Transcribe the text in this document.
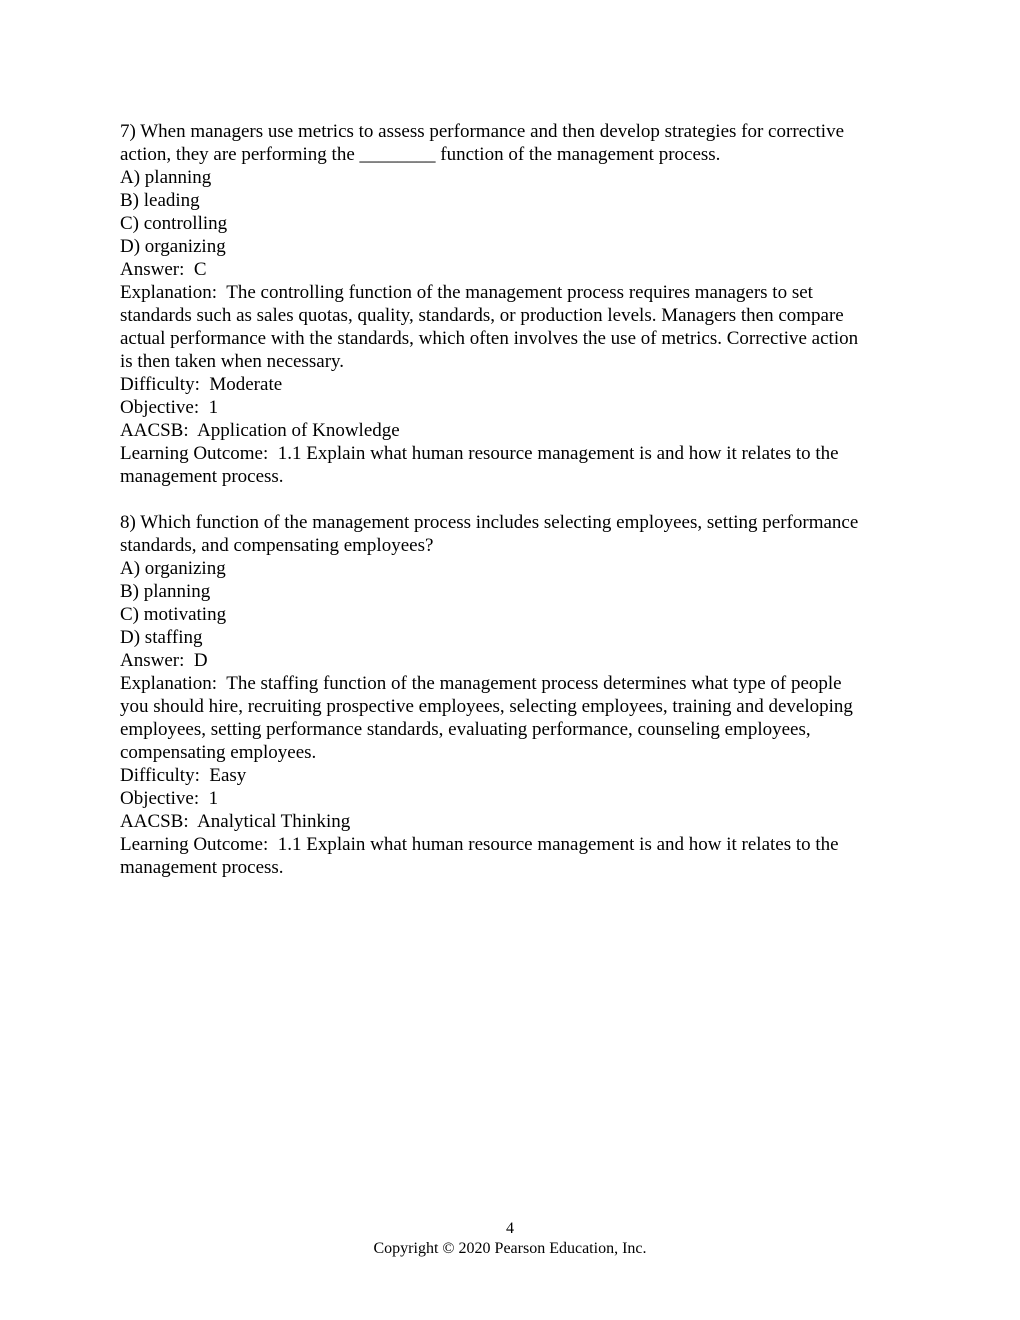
7) When managers use metrics to assess performance and then develop strategies for corrective
action, they are performing the ________ function of the management process.
A) planning
B) leading
C) controlling
D) organizing
Answer:  C
Explanation:  The controlling function of the management process requires managers to set
standards such as sales quotas, quality, standards, or production levels. Managers then compare
actual performance with the standards, which often involves the use of metrics. Corrective action
is then taken when necessary.
Difficulty:  Moderate
Objective:  1
AACSB:  Application of Knowledge
Learning Outcome:  1.1 Explain what human resource management is and how it relates to the
management process.
8) Which function of the management process includes selecting employees, setting performance
standards, and compensating employees?
A) organizing
B) planning
C) motivating
D) staffing
Answer:  D
Explanation:  The staffing function of the management process determines what type of people
you should hire, recruiting prospective employees, selecting employees, training and developing
employees, setting performance standards, evaluating performance, counseling employees,
compensating employees.
Difficulty:  Easy
Objective:  1
AACSB:  Analytical Thinking
Learning Outcome:  1.1 Explain what human resource management is and how it relates to the
management process.
4
Copyright © 2020 Pearson Education, Inc.
